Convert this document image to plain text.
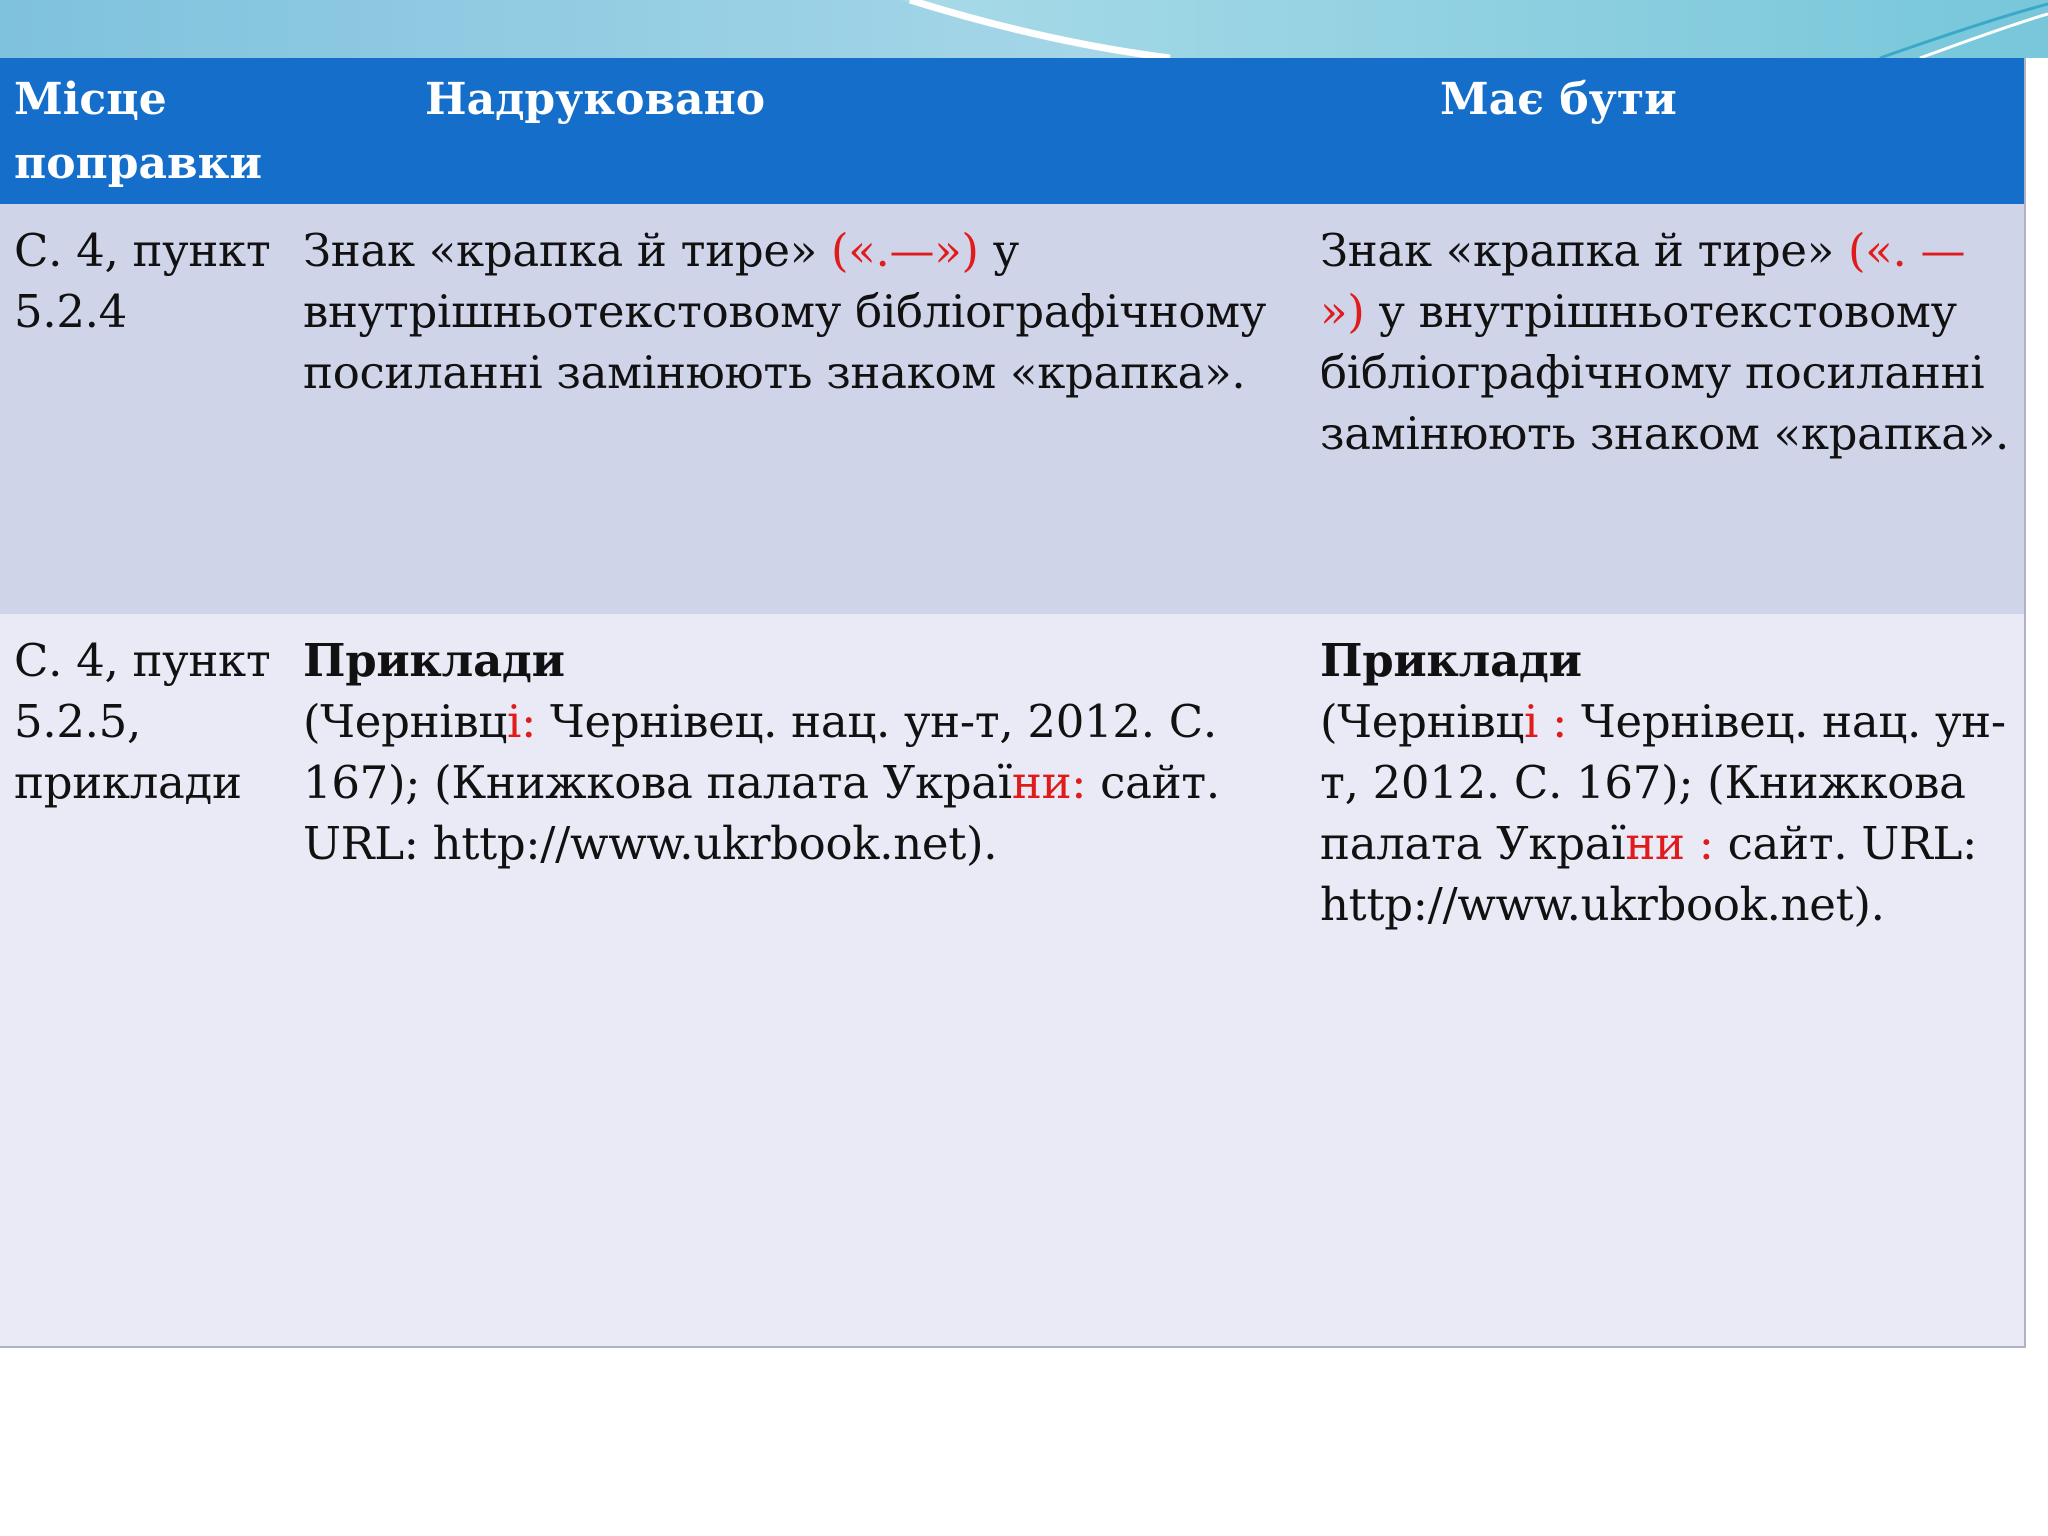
Місце поправки
Надруковано	Має бути
С. 4, пункт 5.2.4
Знак «крапка й тире» («.—») у внутрішньотекстовому бібліографічному посиланні замінюють знаком «крапка».
Знак «крапка й тире» («. — ») у внутрішньотекстовому бібліографічному посиланні замінюють знаком «крапка».
С. 4, пункт 5.2.5, приклади
Приклади
(Чернівці: Чернівец. нац. ун-т, 2012. С. 167); (Книжкова палата України: сайт. URL: http://www.ukrbook.net).
Приклади
(Чернівці : Чернівец. нац. ун-т, 2012. С. 167); (Книжкова палата України : сайт. URL: http://www.ukrbook.net).
